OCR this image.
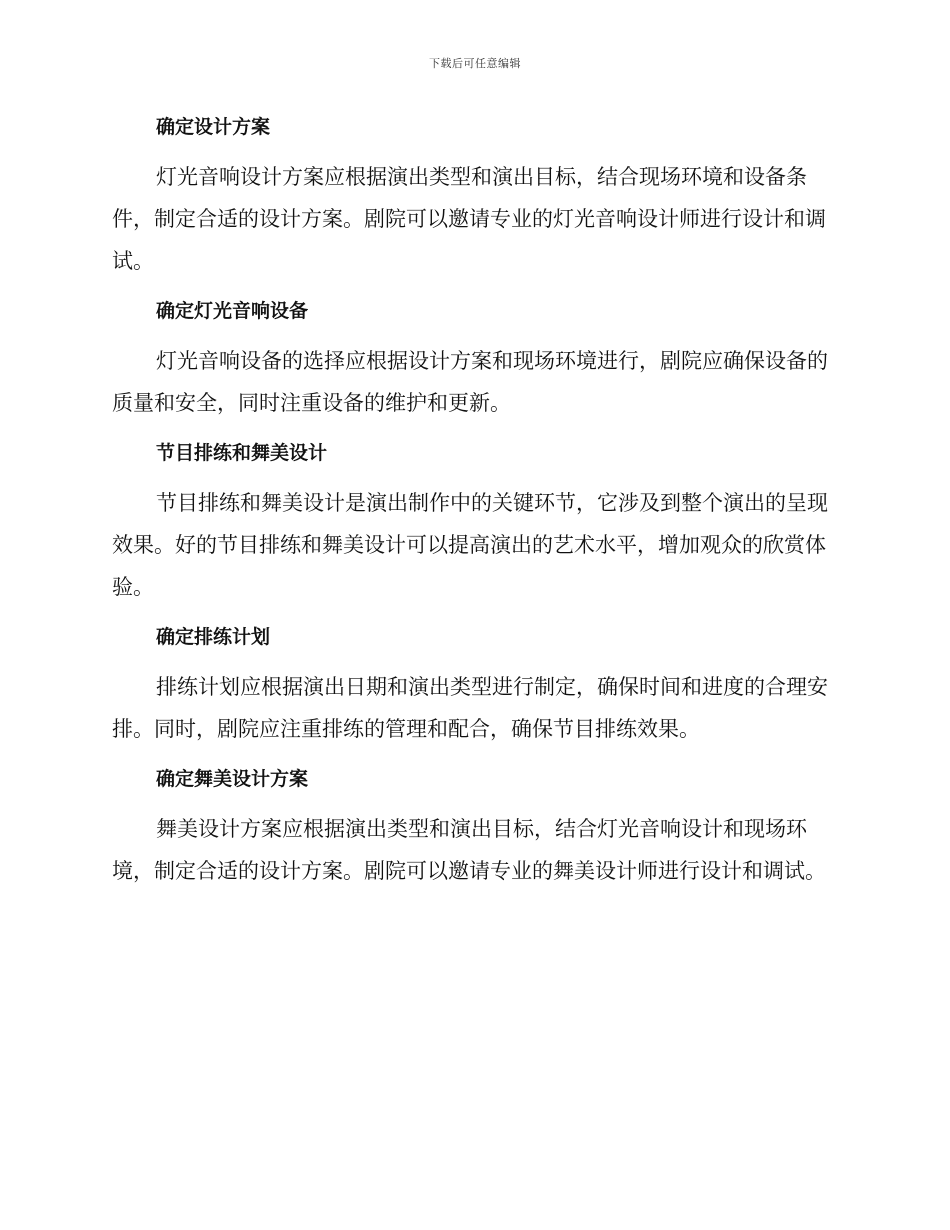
下载后可任意编辑
确定设计方案

灯光音响设计方案应根据演出类型和演出目标，结合现场环境和设备条件，制定合适的设计方案。剧院可以邀请专业的灯光音响设计师进行设计和调试。

确定灯光音响设备

灯光音响设备的选择应根据设计方案和现场环境进行，剧院应确保设备的质量和安全，同时注重设备的维护和更新。

节目排练和舞美设计

节目排练和舞美设计是演出制作中的关键环节，它涉及到整个演出的呈现效果。好的节目排练和舞美设计可以提高演出的艺术水平，增加观众的欣赏体验。

确定排练计划

排练计划应根据演出日期和演出类型进行制定，确保时间和进度的合理安排。同时，剧院应注重排练的管理和配合，确保节目排练效果。

确定舞美设计方案

舞美设计方案应根据演出类型和演出目标，结合灯光音响设计和现场环境，制定合适的设计方案。剧院可以邀请专业的舞美设计师进行设计和调试。
